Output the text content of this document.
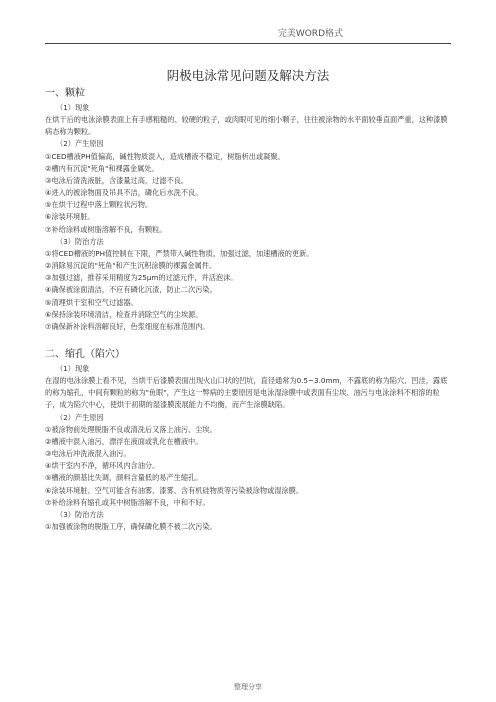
完美WORD格式
阴极电泳常见问题及解决方法
一、颗粒
（1）现象
在烘干后的电泳涂膜表面上有手感粗糙的、较硬的粒子，或肉眼可见的细小颗子，往往被涂物的水平面较垂直面严重，这种漆膜病态称为颗粒。
（2）产生原因
①CED槽液PH值偏高，碱性物质混入，造成槽液不稳定，树脂析出或凝聚。
②槽内有沉淀"死角"和裸露金属处。
③电泳后清洗液脏，含漆量过高，过滤不良。
④进入的被涂物面及吊具不洁，磷化后水洗不良。
⑤在烘干过程中落上颗粒状污物。
⑥涂装环境脏。
⑦补给涂料或树脂溶解不良，有颗粒。
（3）防治方法
①将CED槽液的PH值控制在下限，严禁带入碱性物质，加强过滤，加速槽液的更新。
②消除易沉淀的"死角"和产生沉积涂膜的裸露金属件。
③加强过滤，推荐采用精度为25μm的过滤元件，并活泡沫。
④确保被涂面清洁，不应有磷化沉渣，防止二次污染。
⑤清理烘干室和空气过滤器。
⑥保持涂装环境清洁，检查并消除空气的尘埃源。
⑦确保新补涂料溶解良好，色浆细度在标准范围内。
二、缩孔（陷穴）
（1）现象
在湿的电泳涂膜上看不见，当烘干后漆膜表面出现火山口状的凹坑，直径通常为0.5~3.0mm，不露底的称为陷穴、凹洼，露底的称为缩孔，中间有颗粒的称为"鱼眼"，产生这一弊病的主要原因是电泳湿涂膜中或表面有尘埃、油污与电泳涂料不相溶的粒子，成为陷穴中心，使烘干初期的湿漆膜流展能力不均衡，而产生涂膜缺陷。
（2）产生原因
①被涂物前处理脱脂不良或清洗后又落上油污、尘埃。
②槽液中混入油污，漂浮在液面或乳化在槽液中。
③电泳后冲洗液混入油污。
④烘干室内不净，循环风内含油分。
⑤槽液的颜基比失调，颜料含量低的易产生缩孔。
⑥涂装环境脏、空气可能含有油雾、漆雾、含有机硅物质等污染被涂物或湿涂膜。
⑦补给涂料有缩孔或其中树脂溶解不良，中和不好。
（3）防治方法
①加强被涂物的脱脂工序，确保磷化膜不被二次污染。
整理分享
